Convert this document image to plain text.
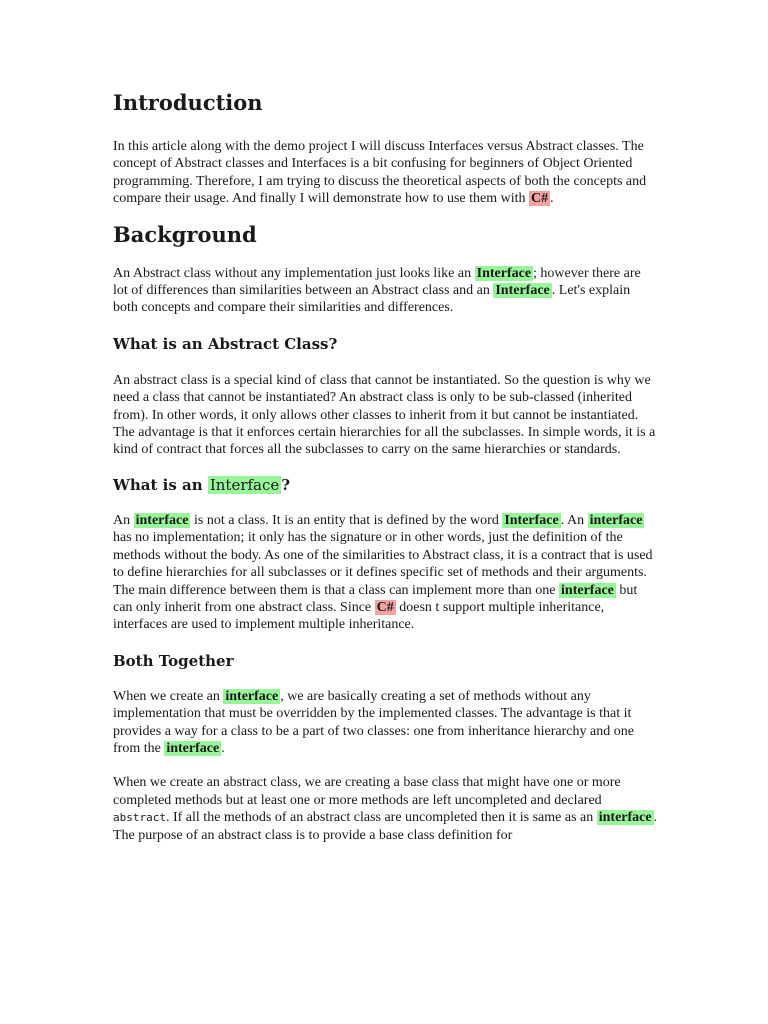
Introduction

In this article along with the demo project I will discuss Interfaces versus Abstract classes. The concept of Abstract classes and Interfaces is a bit confusing for beginners of Object Oriented programming. Therefore, I am trying to discuss the theoretical aspects of both the concepts and compare their usage. And finally I will demonstrate how to use them with C# .

Background

An Abstract class without any implementation just looks like an Interface ; however there are lot of differences than similarities between an Abstract class and an Interface . Let's explain both concepts and compare their similarities and differences.

What is an Abstract Class?

An abstract class is a special kind of class that cannot be instantiated. So the question is why we need a class that cannot be instantiated? An abstract class is only to be sub-classed (inherited from). In other words, it only allows other classes to inherit from it but cannot be instantiated. The advantage is that it enforces certain hierarchies for all the subclasses. In simple words, it is a kind of contract that forces all the subclasses to carry on the same hierarchies or standards.

What is an Interface ?

An interface is not a class. It is an entity that is defined by the word Interface . An interface has no implementation; it only has the signature or in other words, just the definition of the methods without the body. As one of the similarities to Abstract class, it is a contract that is used to define hierarchies for all subclasses or it defines specific set of methods and their arguments. The main difference between them is that a class can implement more than one interface but can only inherit from one abstract class. Since C# doesn t support multiple inheritance, interfaces are used to implement multiple inheritance.

Both Together

When we create an interface , we are basically creating a set of methods without any implementation that must be overridden by the implemented classes. The advantage is that it provides a way for a class to be a part of two classes: one from inheritance hierarchy and one from the interface .

When we create an abstract class, we are creating a base class that might have one or more completed methods but at least one or more methods are left uncompleted and declared abstract. If all the methods of an abstract class are uncompleted then it is same as an interface . The purpose of an abstract class is to provide a base class definition for
